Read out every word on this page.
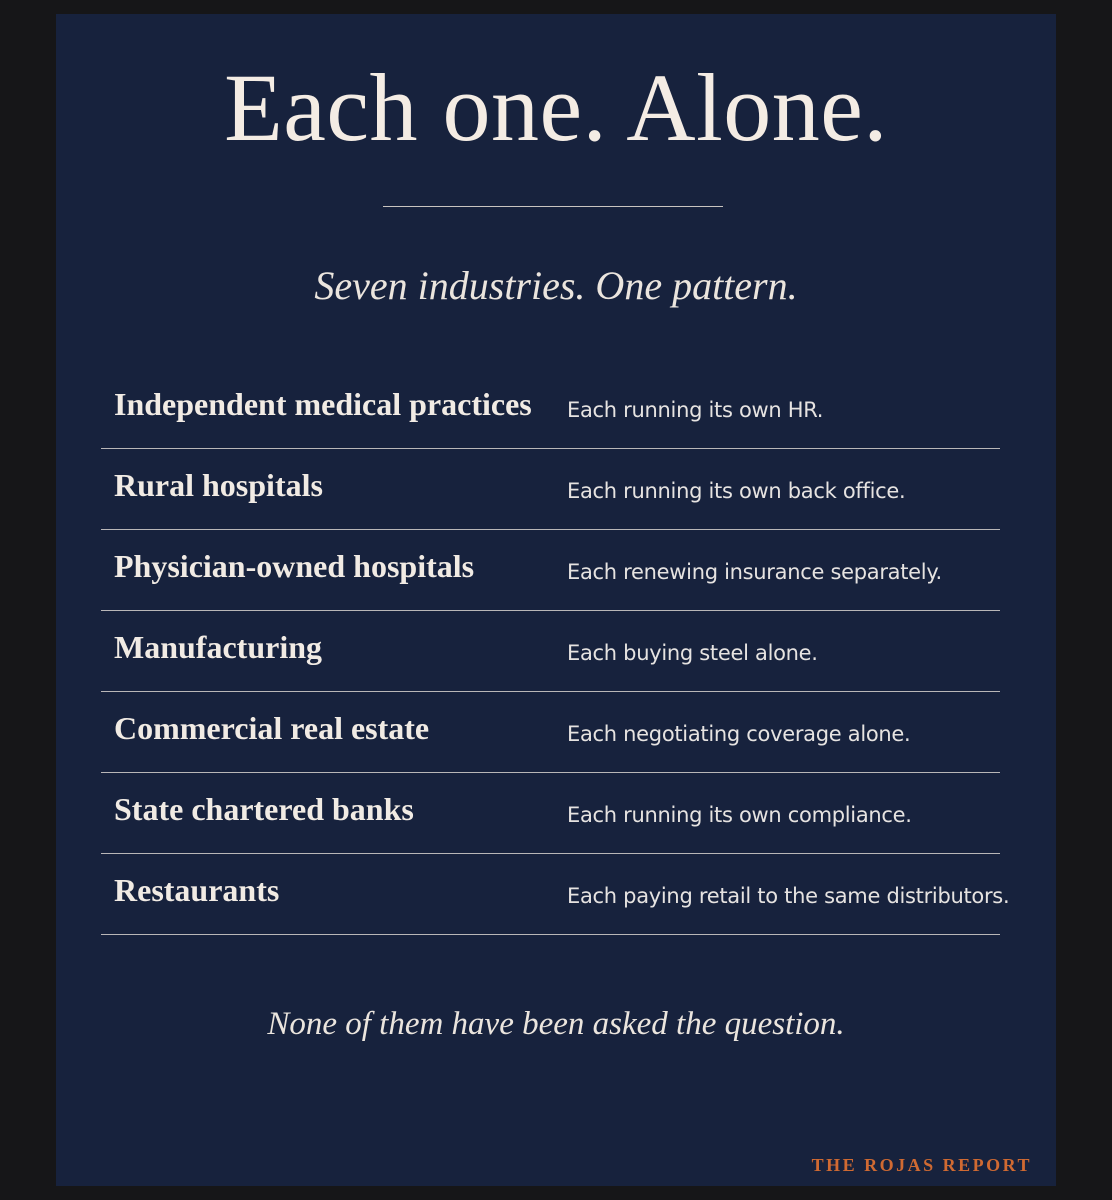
Each one. Alone.
Seven industries. One pattern.
Independent medical practices Each running its own HR.
Rural hospitals	Each running its own back office.
Physician-owned hospitals	Each renewing insurance separately.
Manufacturing	Each buying steel alone.
Commercial real estate	Each negotiating coverage alone.
State chartered banks	Each running its own compliance.
Restaurants	Each paying retail to the same distributors.
None of them have been asked the question.
THE ROJAS REPORT
